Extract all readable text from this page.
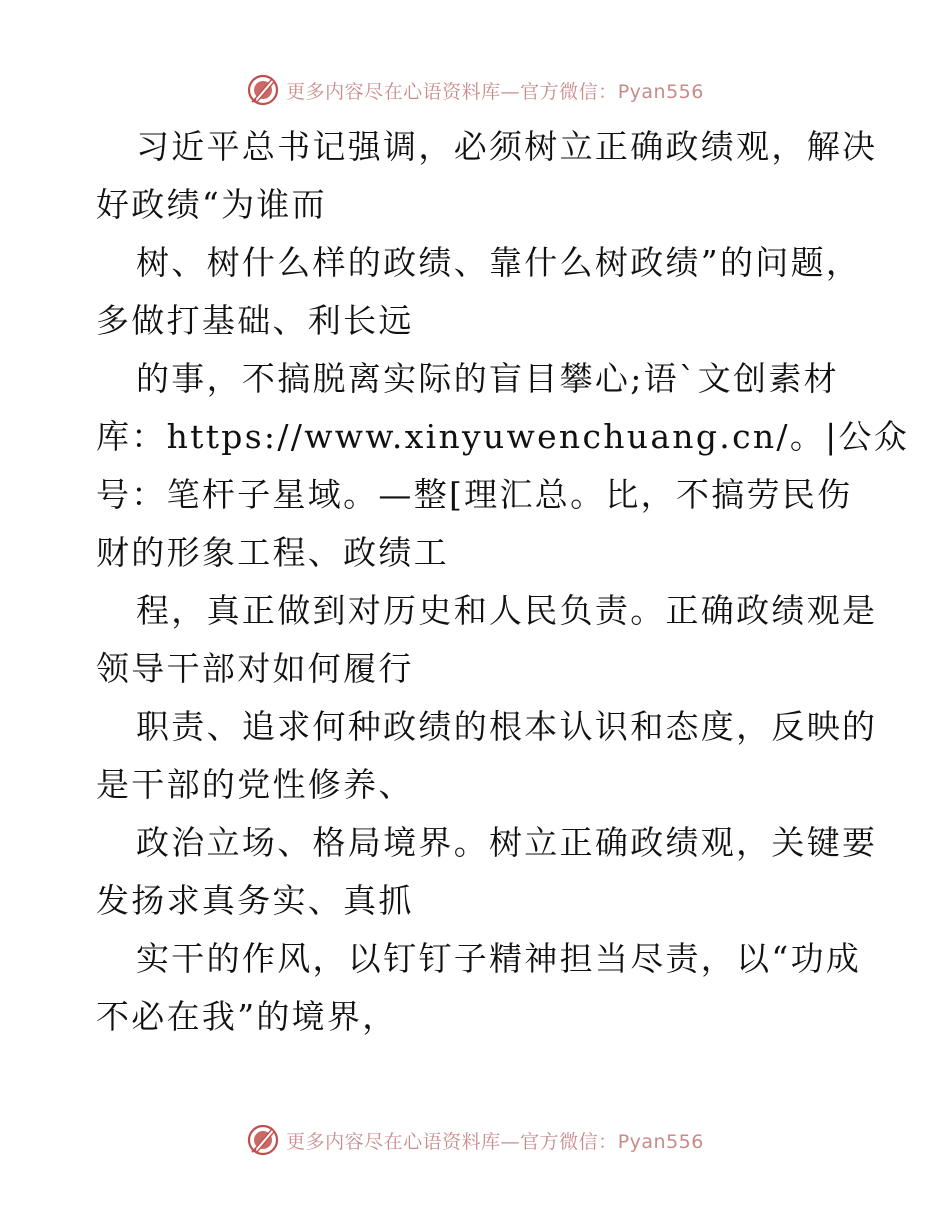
更多内容尽在心语资料库—官方微信：Pyan556
习近平总书记强调，必须树立正确政绩观，解决
好政绩“为谁而
树、树什么样的政绩、靠什么树政绩”的问题，
多做打基础、利长远
的事，不搞脱离实际的盲目攀心;语`文创素材
库：https://www.xinyuwenchuang.cn/。|公众
号：笔杆子星域。—整[理汇总。比，不搞劳民伤
财的形象工程、政绩工
程，真正做到对历史和人民负责。正确政绩观是
领导干部对如何履行
职责、追求何种政绩的根本认识和态度，反映的
是干部的党性修养、
政治立场、格局境界。树立正确政绩观，关键要
发扬求真务实、真抓
实干的作风，以钉钉子精神担当尽责，以“功成
不必在我”的境界，
更多内容尽在心语资料库—官方微信：Pyan556
